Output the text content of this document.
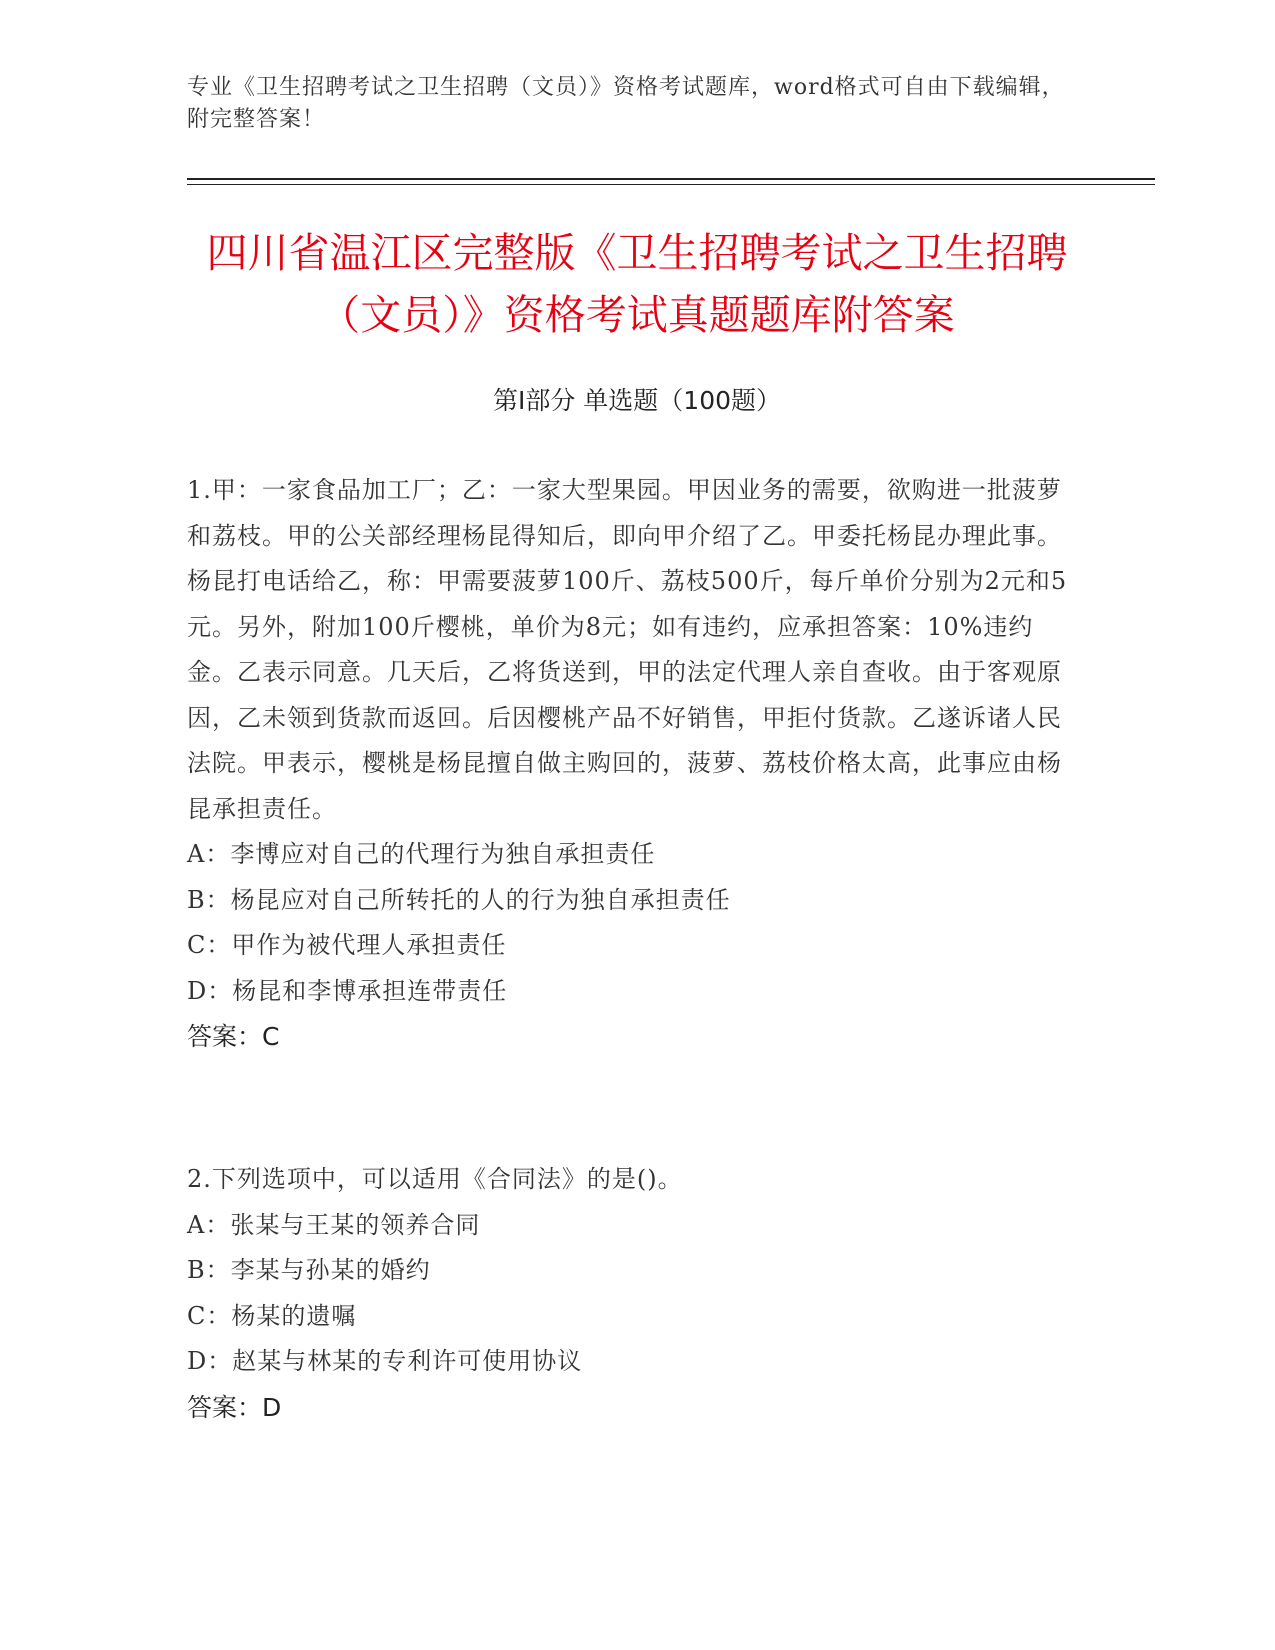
专业《卫生招聘考试之卫生招聘（文员）》资格考试题库，word格式可自由下载编辑，附完整答案！
四川省温江区完整版《卫生招聘考试之卫生招聘（文员）》资格考试真题题库附答案
第Ⅰ部分 单选题（100题）
1.甲：一家食品加工厂；乙：一家大型果园。甲因业务的需要，欲购进一批菠萝和荔枝。甲的公关部经理杨昆得知后，即向甲介绍了乙。甲委托杨昆办理此事。杨昆打电话给乙，称：甲需要菠萝100斤、荔枝500斤，每斤单价分别为2元和5元。另外，附加100斤樱桃，单价为8元；如有违约，应承担答案：10%违约金。乙表示同意。几天后，乙将货送到，甲的法定代理人亲自查收。由于客观原因，乙未领到货款而返回。后因樱桃产品不好销售，甲拒付货款。乙遂诉诸人民法院。甲表示，樱桃是杨昆擅自做主购回的，菠萝、荔枝价格太高，此事应由杨昆承担责任。
A：李博应对自己的代理行为独自承担责任
B：杨昆应对自己所转托的人的行为独自承担责任
C：甲作为被代理人承担责任
D：杨昆和李博承担连带责任
答案：C
2.下列选项中，可以适用《合同法》的是()。
A：张某与王某的领养合同
B：李某与孙某的婚约
C：杨某的遗嘱
D：赵某与林某的专利许可使用协议
答案：D
